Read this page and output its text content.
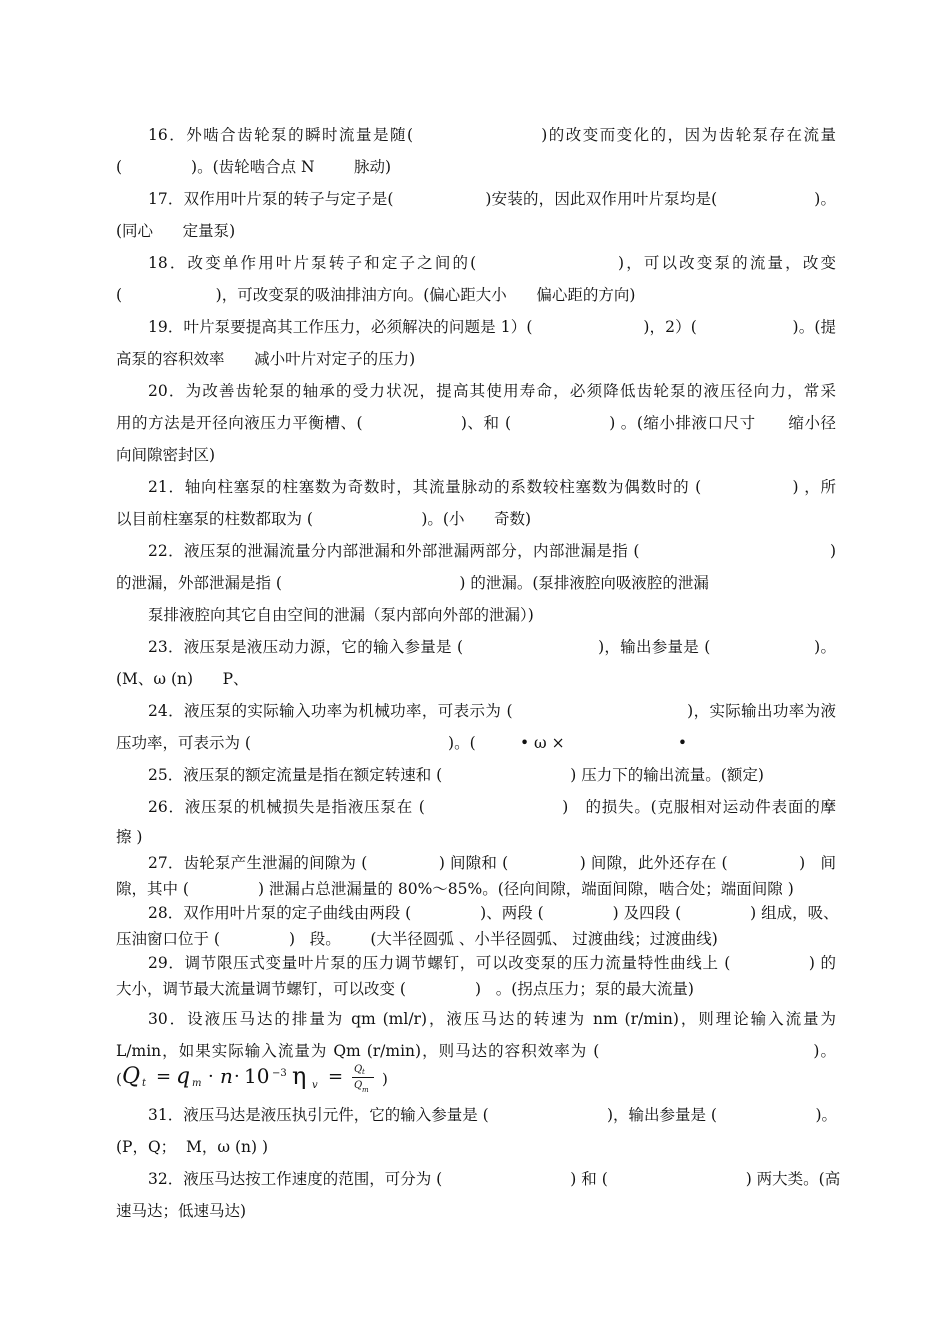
16．外啮合齿轮泵的瞬时流量是随(                    )的改变而变化的，因为齿轮泵存在流量
(              )。(齿轮啮合点 N        脉动)
17．双作用叶片泵的转子与定子是(                  )安装的，因此双作用叶片泵均是(                   )。
(同心      定量泵)
18．改变单作用叶片泵转子和定子之间的(                    )，可以改变泵的流量，改变
(                   )，可改变泵的吸油排油方向。(偏心距大小      偏心距的方向)
19．叶片泵要提高其工作压力，必须解决的问题是 1）(                      )，2）(                   )。(提
高泵的容积效率      减小叶片对定子的压力)
20．为改善齿轮泵的轴承的受力状况，提高其使用寿命，必须降低齿轮泵的液压径向力，常采
用的方法是开径向液压力平衡槽、(                  )、和 (                  ) 。(缩小排液口尺寸      缩小径
向间隙密封区)
21．轴向柱塞泵的柱塞数为奇数时，其流量脉动的系数较柱塞数为偶数时的 (                ) ，所
以目前柱塞泵的柱数都取为 (                      )。(小      奇数)
22．液压泵的泄漏流量分内部泄漏和外部泄漏两部分，内部泄漏是指 (                                    )
的泄漏，外部泄漏是指 (                                    ) 的泄漏。(泵排液腔向吸液腔的泄漏
泵排液腔向其它自由空间的泄漏（泵内部向外部的泄漏）)
23．液压泵是液压动力源，它的输入参量是 (                          )，输出参量是 (                    )。
(M、ω (n)      P、
24．液压泵的实际输入功率为机械功率，可表示为 (                                 )，实际输出功率为液
压功率，可表示为 (                                        )。(         • ω ×                       •
25．液压泵的额定流量是指在额定转速和 (                          ) 压力下的输出流量。(额定)
26．液压泵的机械损失是指液压泵在 (                        )   的损失。(克服相对运动件表面的摩
擦 )
27．齿轮泵产生泄漏的间隙为 (              ) 间隙和 (              ) 间隙，此外还存在 (              )   间
隙，其中 (              ) 泄漏占总泄漏量的 80%～85%。(径向间隙，端面间隙，啮合处；端面间隙 )
28．双作用叶片泵的定子曲线由两段 (              )、两段 (              ) 及四段 (              ) 组成，吸、
压油窗口位于 (              )   段。      (大半径圆弧 、小半径圆弧、 过渡曲线；过渡曲线)
29．调节限压式变量叶片泵的压力调节螺钉，可以改变泵的压力流量特性曲线上 (              ) 的
大小，调节最大流量调节螺钉，可以改变 (              )   。(拐点压力；泵的最大流量)
30．设液压马达的排量为 qm (ml/r)，液压马达的转速为 nm (r/min)，则理论输入流量为
L/min，如果实际输入流量为 Qm (r/min)，则马达的容积效率为 (                                    )。
( Q t = q m · n · 10 −3 η v = Q t
Q m
)
31．液压马达是液压执引元件，它的输入参量是 (                        )，输出参量是 (                    )。
(P，Q；  M，ω (n) )
32．液压马达按工作速度的范围，可分为 (                          ) 和 (                            ) 两大类。(高
速马达；低速马达)
